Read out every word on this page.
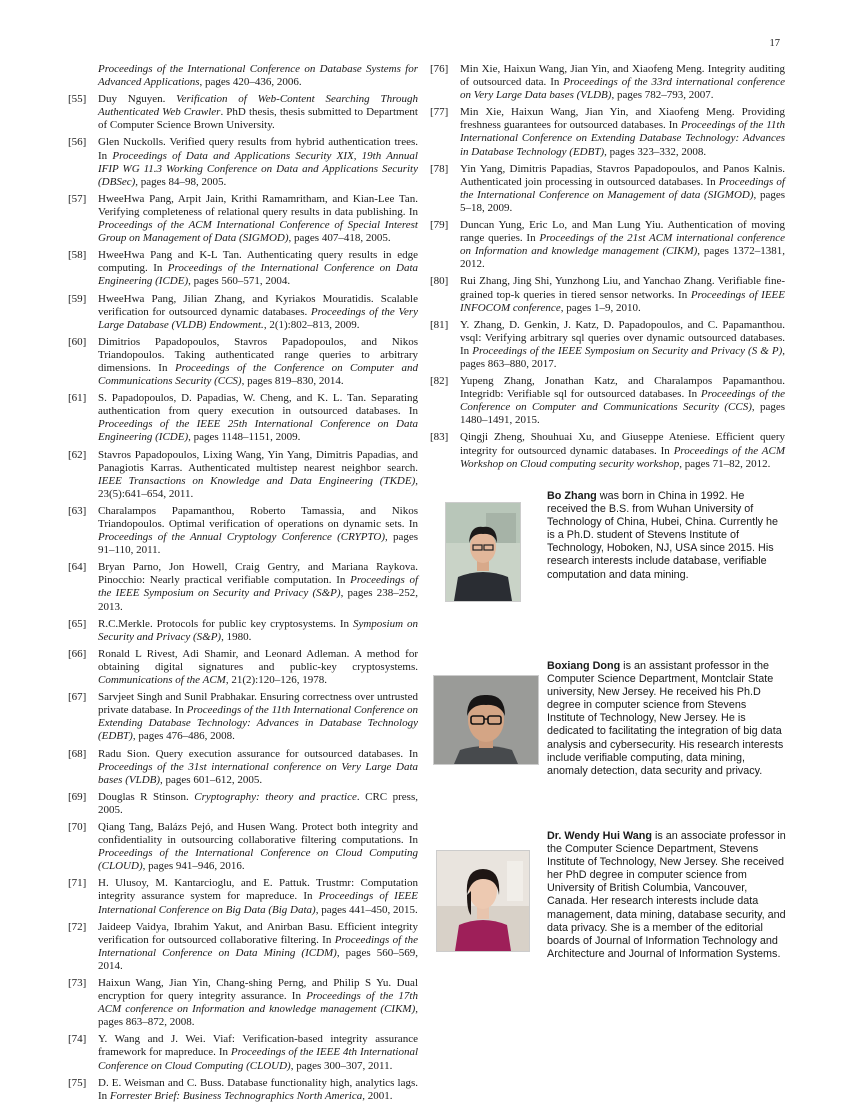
17
Proceedings of the International Conference on Database Systems for Advanced Applications, pages 420–436, 2006.
[55] Duy Nguyen. Verification of Web-Content Searching Through Authenticated Web Crawler. PhD thesis, thesis submitted to Department of Computer Science Brown University.
[56] Glen Nuckolls. Verified query results from hybrid authentication trees. In Proceedings of Data and Applications Security XIX, 19th Annual IFIP WG 11.3 Working Conference on Data and Applications Security (DBSec), pages 84–98, 2005.
[57] HweeHwa Pang, Arpit Jain, Krithi Ramamritham, and Kian-Lee Tan. Verifying completeness of relational query results in data publishing. In Proceedings of the ACM International Conference of Special Interest Group on Management of Data (SIGMOD), pages 407–418, 2005.
[58] HweeHwa Pang and K-L Tan. Authenticating query results in edge computing. In Proceedings of the International Conference on Data Engineering (ICDE), pages 560–571, 2004.
[59] HweeHwa Pang, Jilian Zhang, and Kyriakos Mouratidis. Scalable verification for outsourced dynamic databases. Proceedings of the Very Large Database (VLDB) Endowment., 2(1):802–813, 2009.
[60] Dimitrios Papadopoulos, Stavros Papadopoulos, and Nikos Triandopoulos. Taking authenticated range queries to arbitrary dimensions. In Proceedings of the Conference on Computer and Communications Security (CCS), pages 819–830, 2014.
[61] S. Papadopoulos, D. Papadias, W. Cheng, and K. L. Tan. Separating authentication from query execution in outsourced databases. In Proceedings of the IEEE 25th International Conference on Data Engineering (ICDE), pages 1148–1151, 2009.
[62] Stavros Papadopoulos, Lixing Wang, Yin Yang, Dimitris Papadias, and Panagiotis Karras. Authenticated multistep nearest neighbor search. IEEE Transactions on Knowledge and Data Engineering (TKDE), 23(5):641–654, 2011.
[63] Charalampos Papamanthou, Roberto Tamassia, and Nikos Triandopoulos. Optimal verification of operations on dynamic sets. In Proceedings of the Annual Cryptology Conference (CRYPTO), pages 91–110, 2011.
[64] Bryan Parno, Jon Howell, Craig Gentry, and Mariana Raykova. Pinocchio: Nearly practical verifiable computation. In Proceedings of the IEEE Symposium on Security and Privacy (S&P), pages 238–252, 2013.
[65] R.C.Merkle. Protocols for public key cryptosystems. In Symposium on Security and Privacy (S&P), 1980.
[66] Ronald L Rivest, Adi Shamir, and Leonard Adleman. A method for obtaining digital signatures and public-key cryptosystems. Communications of the ACM, 21(2):120–126, 1978.
[67] Sarvjeet Singh and Sunil Prabhakar. Ensuring correctness over untrusted private database. In Proceedings of the 11th International Conference on Extending Database Technology: Advances in Database Technology (EDBT), pages 476–486, 2008.
[68] Radu Sion. Query execution assurance for outsourced databases. In Proceedings of the 31st international conference on Very Large Data bases (VLDB), pages 601–612, 2005.
[69] Douglas R Stinson. Cryptography: theory and practice. CRC press, 2005.
[70] Qiang Tang, Balázs Pejó, and Husen Wang. Protect both integrity and confidentiality in outsourcing collaborative filtering computations. In Proceedings of the International Conference on Cloud Computing (CLOUD), pages 941–946, 2016.
[71] H. Ulusoy, M. Kantarcioglu, and E. Pattuk. Trustmr: Computation integrity assurance system for mapreduce. In Proceedings of IEEE International Conference on Big Data (Big Data), pages 441–450, 2015.
[72] Jaideep Vaidya, Ibrahim Yakut, and Anirban Basu. Efficient integrity verification for outsourced collaborative filtering. In Proceedings of the International Conference on Data Mining (ICDM), pages 560–569, 2014.
[73] Haixun Wang, Jian Yin, Chang-shing Perng, and Philip S Yu. Dual encryption for query integrity assurance. In Proceedings of the 17th ACM conference on Information and knowledge management (CIKM), pages 863–872, 2008.
[74] Y. Wang and J. Wei. Viaf: Verification-based integrity assurance framework for mapreduce. In Proceedings of the IEEE 4th International Conference on Cloud Computing (CLOUD), pages 300–307, 2011.
[75] D. E. Weisman and C. Buss. Database functionality high, analytics lags. In Forrester Brief: Business Technographics North America, 2001.
[76] Min Xie, Haixun Wang, Jian Yin, and Xiaofeng Meng. Integrity auditing of outsourced data. In Proceedings of the 33rd international conference on Very Large Data bases (VLDB), pages 782–793, 2007.
[77] Min Xie, Haixun Wang, Jian Yin, and Xiaofeng Meng. Providing freshness guarantees for outsourced databases. In Proceedings of the 11th International Conference on Extending Database Technology: Advances in Database Technology (EDBT), pages 323–332, 2008.
[78] Yin Yang, Dimitris Papadias, Stavros Papadopoulos, and Panos Kalnis. Authenticated join processing in outsourced databases. In Proceedings of the International Conference on Management of data (SIGMOD), pages 5–18, 2009.
[79] Duncan Yung, Eric Lo, and Man Lung Yiu. Authentication of moving range queries. In Proceedings of the 21st ACM international conference on Information and knowledge management (CIKM), pages 1372–1381, 2012.
[80] Rui Zhang, Jing Shi, Yunzhong Liu, and Yanchao Zhang. Verifiable fine-grained top-k queries in tiered sensor networks. In Proceedings of IEEE INFOCOM conference, pages 1–9, 2010.
[81] Y. Zhang, D. Genkin, J. Katz, D. Papadopoulos, and C. Papamanthou. vsql: Verifying arbitrary sql queries over dynamic outsourced databases. In Proceedings of the IEEE Symposium on Security and Privacy (S & P), pages 863–880, 2017.
[82] Yupeng Zhang, Jonathan Katz, and Charalampos Papamanthou. Integridb: Verifiable sql for outsourced databases. In Proceedings of the Conference on Computer and Communications Security (CCS), pages 1480–1491, 2015.
[83] Qingji Zheng, Shouhuai Xu, and Giuseppe Ateniese. Efficient query integrity for outsourced dynamic databases. In Proceedings of the ACM Workshop on Cloud computing security workshop, pages 71–82, 2012.
Bo Zhang was born in China in 1992. He received the B.S. from Wuhan University of Technology of China, Hubei, China. Currently he is a Ph.D. student of Stevens Institute of Technology, Hoboken, NJ, USA since 2015. His research interests include database, verifiable computation and data mining.
Boxiang Dong is an assistant professor in the Computer Science Department, Montclair State university, New Jersey. He received his Ph.D degree in computer science from Stevens Institute of Technology, New Jersey. He is dedicated to facilitating the integration of big data analysis and cybersecurity. His research interests include verifiable computing, data mining, anomaly detection, data security and privacy.
Dr. Wendy Hui Wang is an associate professor in the Computer Science Department, Stevens Institute of Technology, New Jersey. She received her PhD degree in computer science from University of British Columbia, Vancouver, Canada. Her research interests include data management, data mining, database security, and data privacy. She is a member of the editorial boards of Journal of Information Technology and Architecture and Journal of Information Systems.
